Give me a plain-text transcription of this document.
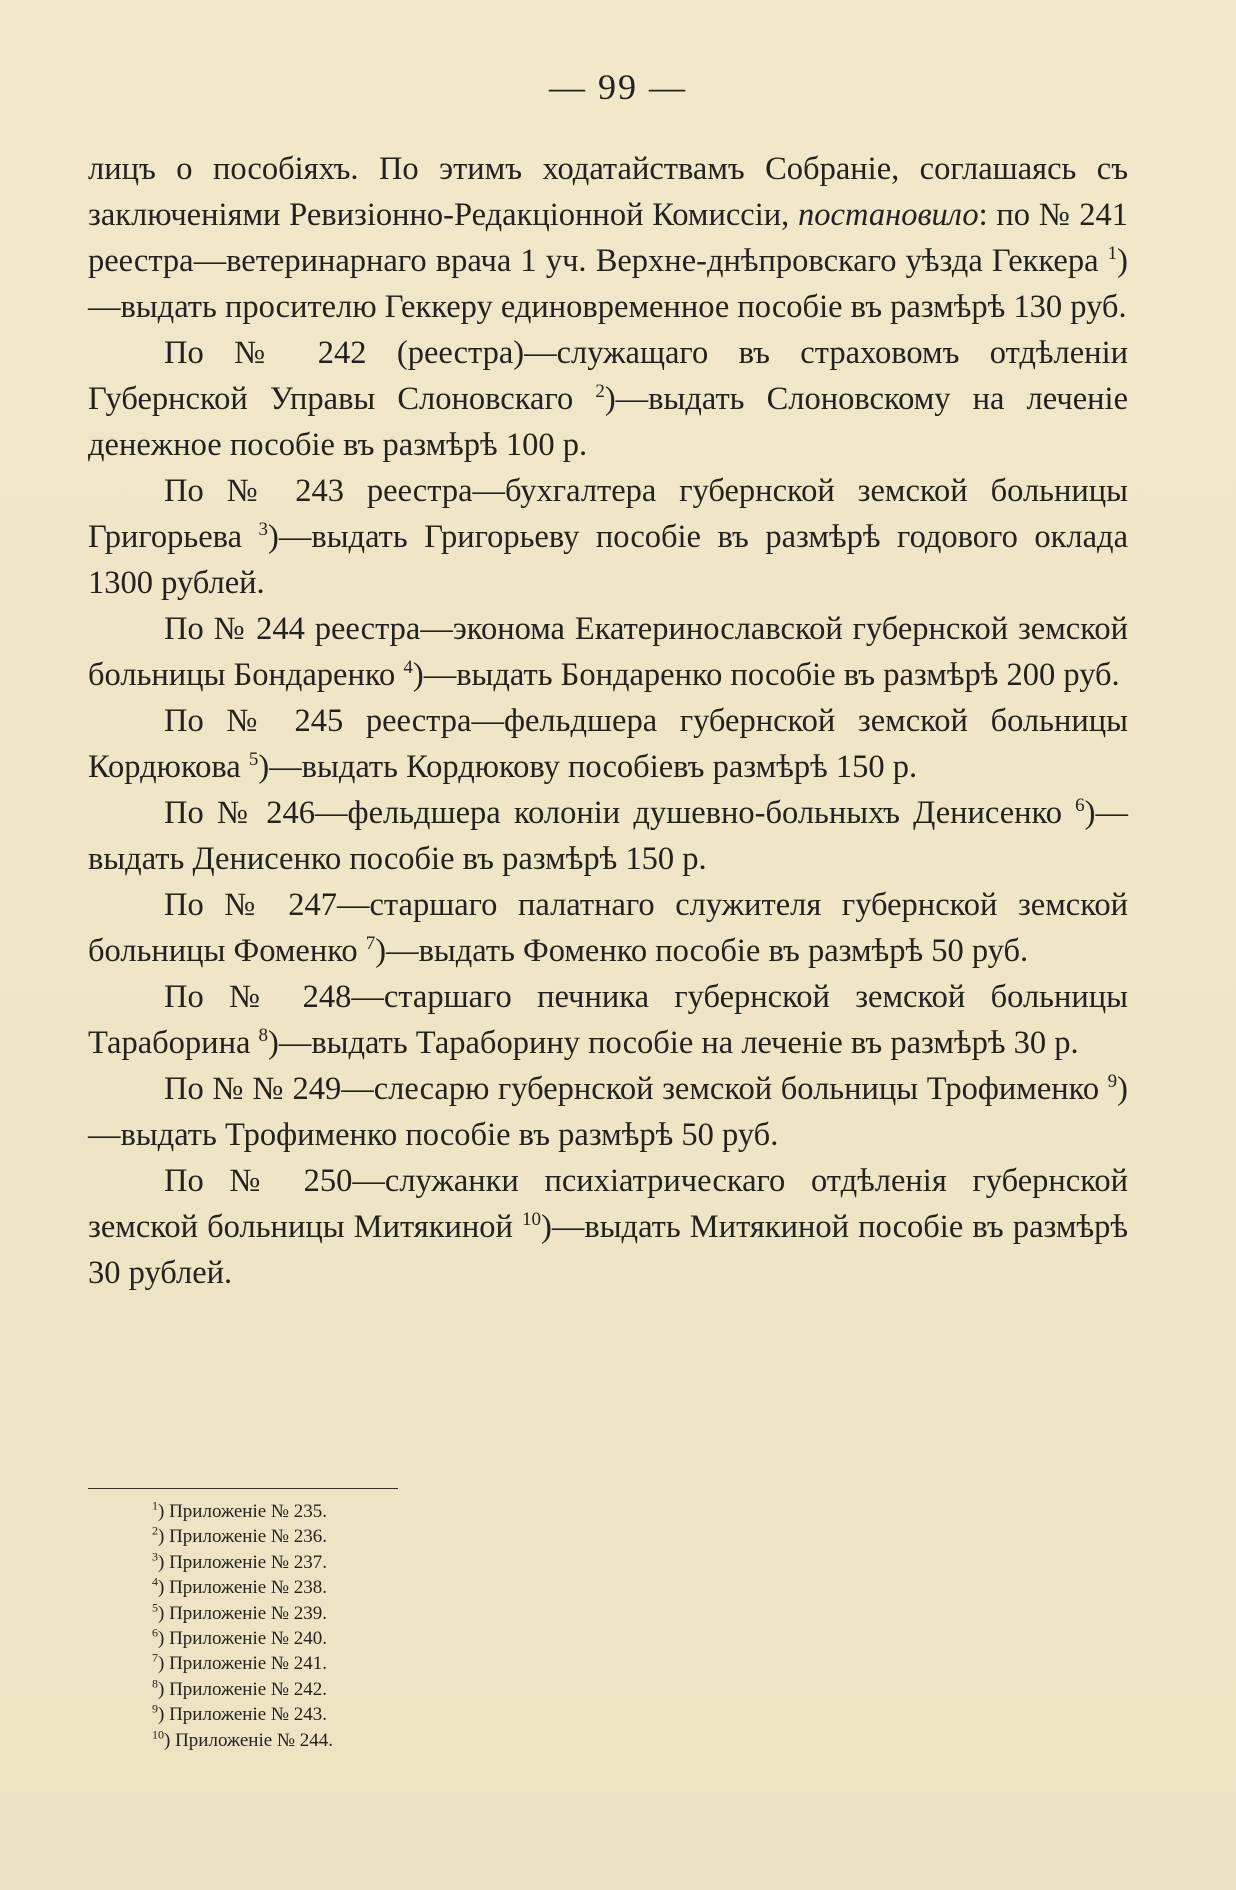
— 99 —

лицъ о пособіяхъ. По этимъ ходатайствамъ Собраніе, соглашаясь съ заключеніями Ревизіонно-Редакціонной Комиссіи, постановило: по № 241 реестра—ветеринарнаго врача 1 уч. Верхне-днѣпровскаго уѣзда Геккера $^1$)—выдать просителю Геккеру единовременное пособіе въ размѣрѣ 130 руб.

По № 242 (реестра)—служащаго въ страховомъ отдѣленіи Губернской Управы Слоновскаго $^2$)—выдать Слоновскому на леченіе денежное пособіе въ размѣрѣ 100 р.

По № 243 реестра—бухгалтера губернской земской больницы Григорьева $^3$)—выдать Григорьеву пособіе въ размѣрѣ годового оклада 1300 рублей.

По № 244 реестра—эконома Екатеринославской губернской земской больницы Бондаренко $^4$)—выдать Бондаренко пособіе въ размѣрѣ 200 руб.

По № 245 реестра—фельдшера губернской земской больницы Кордюкова $^5$)—выдать Кордюкову пособіевъ размѣрѣ 150 р.

По № 246—фельдшера колоніи душевно-больныхъ Денисенко $^6$)—выдать Денисенко пособіе въ размѣрѣ 150 р.

По № 247—старшаго палатнаго служителя губернской земской больницы Фоменко $^7$)—выдать Фоменко пособіе въ размѣрѣ 50 руб.

По № 248—старшаго печника губернской земской больницы Тараборина $^8$)—выдать Тараборину пособіе на леченіе въ размѣрѣ 30 р.

По № № 249—слесарю губернской земской больницы Трофименко $^9$)—выдать Трофименко пособіе въ размѣрѣ 50 руб.

По № 250—служанки психіатрическаго отдѣленія губернской земской больницы Митякиной $^{10}$)—выдать Митякиной пособіе въ размѣрѣ 30 рублей.

$^1$) Приложеніе № 235.
$^2$) Приложеніе № 236.
$^3$) Приложеніе № 237.
$^4$) Приложеніе № 238.
$^5$) Приложеніе № 239.
$^6$) Приложеніе № 240.
$^7$) Приложеніе № 241.
$^8$) Приложеніе № 242.
$^9$) Приложеніе № 243.
$^{10}$) Приложеніе № 244.
